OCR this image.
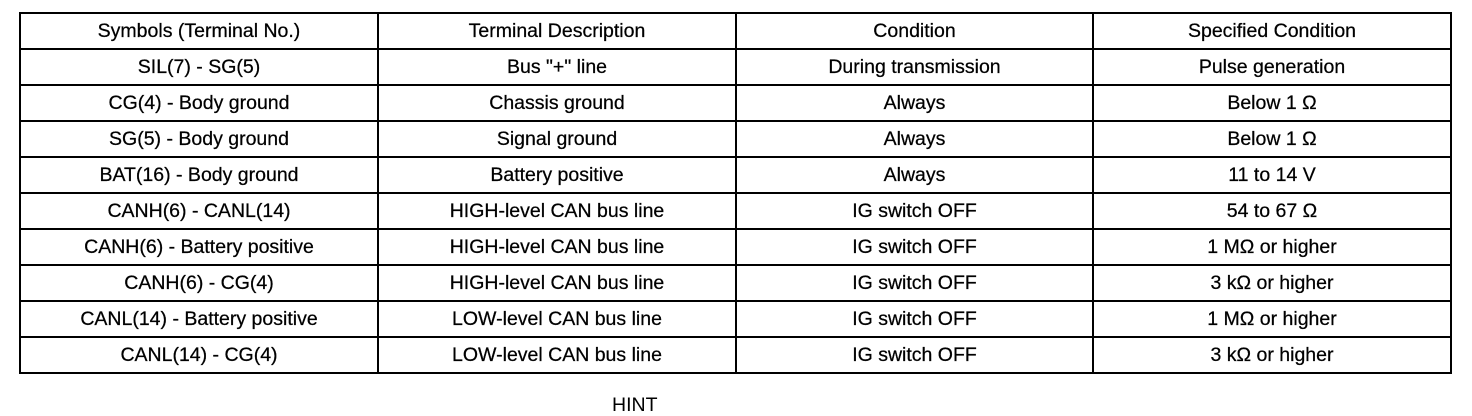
Symbols (Terminal No.)	Terminal Description	Condition	Specified Condition
SIL(7) - SG(5)	Bus "+" line	During transmission	Pulse generation
CG(4) - Body ground	Chassis ground	Always	Below 1 Ω
SG(5) - Body ground	Signal ground	Always	Below 1 Ω
BAT(16) - Body ground	Battery positive	Always	11 to 14 V
CANH(6) - CANL(14)	HIGH-level CAN bus line	IG switch OFF	54 to 67 Ω
CANH(6) - Battery positive	HIGH-level CAN bus line	IG switch OFF	1 MΩ or higher
CANH(6) - CG(4)	HIGH-level CAN bus line	IG switch OFF	3 kΩ or higher
CANL(14) - Battery positive	LOW-level CAN bus line	IG switch OFF	1 MΩ or higher
CANL(14) - CG(4)	LOW-level CAN bus line	IG switch OFF	3 kΩ or higher
HINT
